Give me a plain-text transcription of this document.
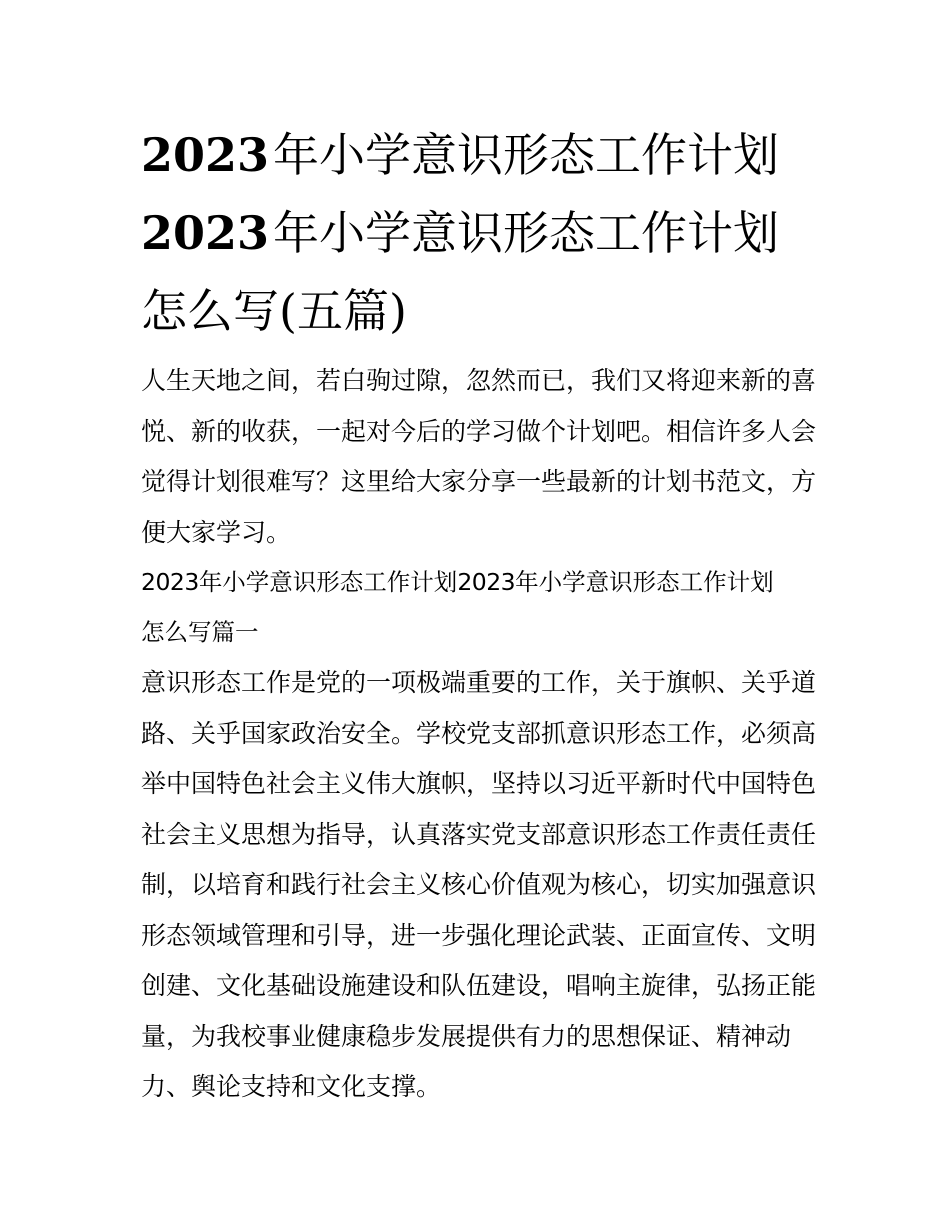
2023年小学意识形态工作计划
2023年小学意识形态工作计划
怎么写(五篇)
人生天地之间，若白驹过隙，忽然而已，我们又将迎来新的喜
悦、新的收获，一起对今后的学习做个计划吧。相信许多人会
觉得计划很难写？这里给大家分享一些最新的计划书范文，方
便大家学习。
2023年小学意识形态工作计划2023年小学意识形态工作计划
怎么写篇一
意识形态工作是党的一项极端重要的工作，关于旗帜、关乎道
路、关乎国家政治安全。学校党支部抓意识形态工作，必须高
举中国特色社会主义伟大旗帜，坚持以习近平新时代中国特色
社会主义思想为指导，认真落实党支部意识形态工作责任责任
制，以培育和践行社会主义核心价值观为核心，切实加强意识
形态领域管理和引导，进一步强化理论武装、正面宣传、文明
创建、文化基础设施建设和队伍建设，唱响主旋律，弘扬正能
量，为我校事业健康稳步发展提供有力的思想保证、精神动
力、舆论支持和文化支撑。
